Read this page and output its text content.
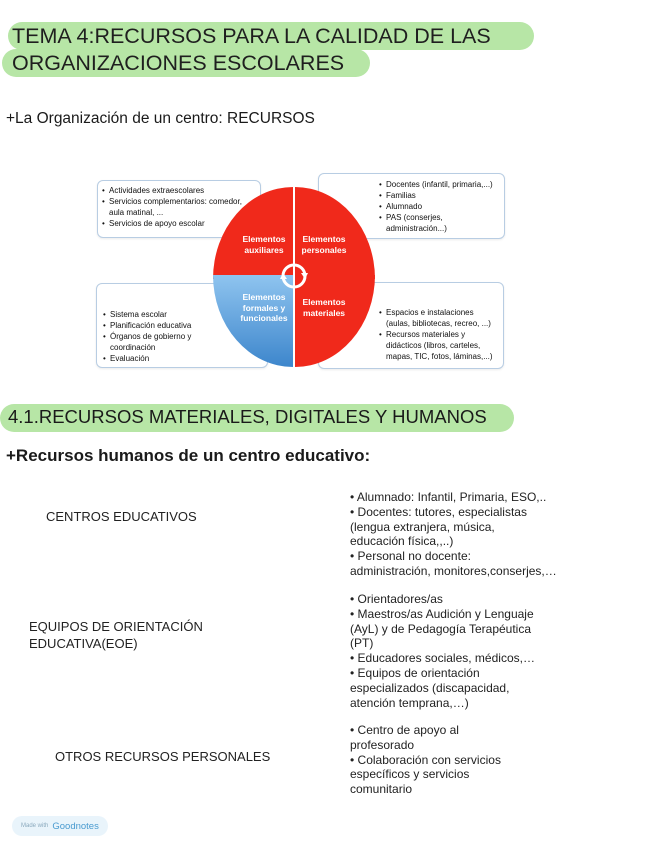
TEMA 4:RECURSOS PARA LA CALIDAD DE LAS
ORGANIZACIONES ESCOLARES
+La Organización de un centro: RECURSOS
• Actividades extraescolares
• Servicios complementarios: comedor, aula matinal, ...
• Servicios de apoyo escolar
• Docentes (infantil, primaria,...)
• Familias
• Alumnado
• PAS (conserjes, administración...)
• Sistema escolar
• Planificación educativa
• Órganos de gobierno y coordinación
• Evaluación
• Espacios e instalaciones (aulas, bibliotecas, recreo, ...)
• Recursos materiales y didácticos (libros, carteles, mapas, TIC, fotos, láminas,...)
Elementos
auxiliares
Elementos
personales
Elementos
formales y
funcionales
Elementos
materiales
4.1.RECURSOS MATERIALES, DIGITALES Y HUMANOS
+Recursos humanos de un centro educativo:
CENTROS EDUCATIVOS
• Alumnado: Infantil, Primaria, ESO,..
• Docentes: tutores, especialistas
(lengua extranjera, música,
educación física,,..)
• Personal no docente:
administración, monitores,conserjes,…
EQUIPOS DE ORIENTACIÓN
EDUCATIVA(EOE)
• Orientadores/as
• Maestros/as Audición y Lenguaje
(AyL) y de Pedagogía Terapéutica
(PT)
• Educadores sociales, médicos,…
• Equipos de orientación
especializados (discapacidad,
atención temprana,…)
OTROS RECURSOS PERSONALES
• Centro de apoyo al
profesorado
• Colaboración con servicios
específicos y servicios
comunitario
Made with Goodnotes
